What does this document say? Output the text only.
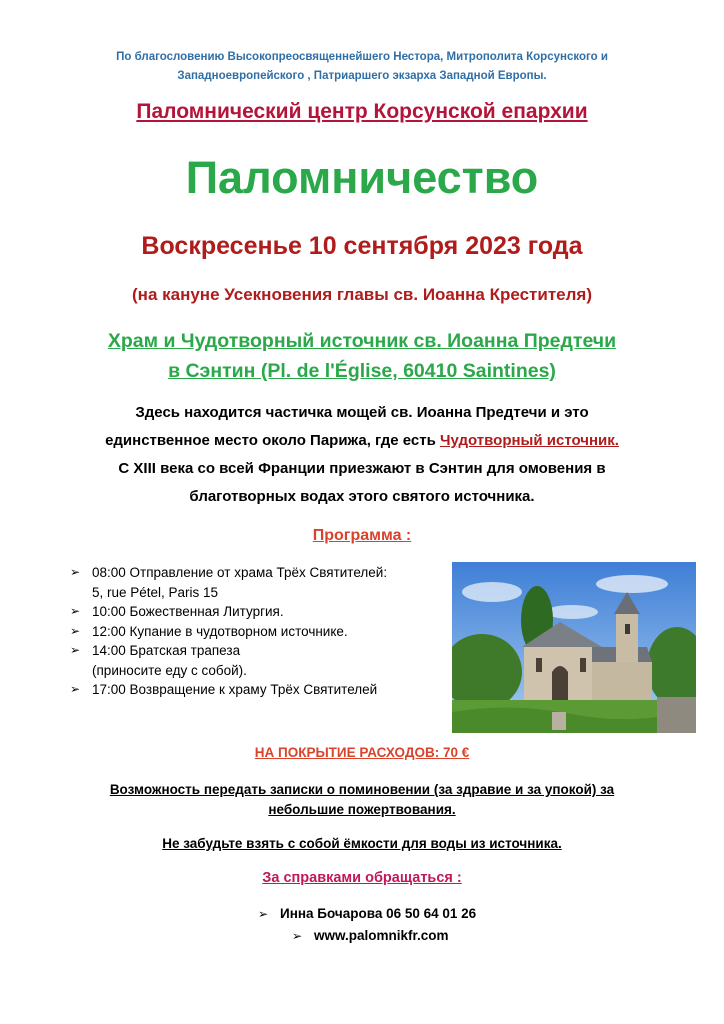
По благословению Высокопреосвященнейшего Нестора, Митрополита Корсунского и
Западноевропейского , Патриаршего экзарха Западной Европы.
Паломнический центр Корсунской епархии
Паломничество
Воскресенье 10 сентября 2023 года
(на кануне Усекновения главы св. Иоанна Крестителя)
Храм и Чудотворный источник св. Иоанна Предтечи
в Сэнтин (Pl. de l'Église, 60410 Saintines)
Здесь находится частичка мощей св. Иоанна Предтечи и это
единственное место около Парижа, где есть Чудотворный источник.
С XIII века со всей Франции приезжают в Сэнтин для омовения в
благотворных водах этого святого источника.
Программа :
➢ 08:00 Отправление от храма Трёх Святителей:
5, rue Pétel, Paris 15
➢ 10:00 Божественная Литургия.
➢ 12:00 Купание в чудотворном источнике.
➢ 14:00 Братская трапеза
(приносите еду с собой).
➢ 17:00 Возвращение к храму Трёх Святителей
НА ПОКРЫТИЕ РАСХОДОВ: 70 €
Возможность передать записки о поминовении (за здравие и за упокой) за
небольшие пожертвования.
Не забудьте взять с собой ёмкости для воды из источника.
За справками обращаться :
➢ Инна Бочарова 06 50 64 01 26
➢ www.palomnikfr.com
